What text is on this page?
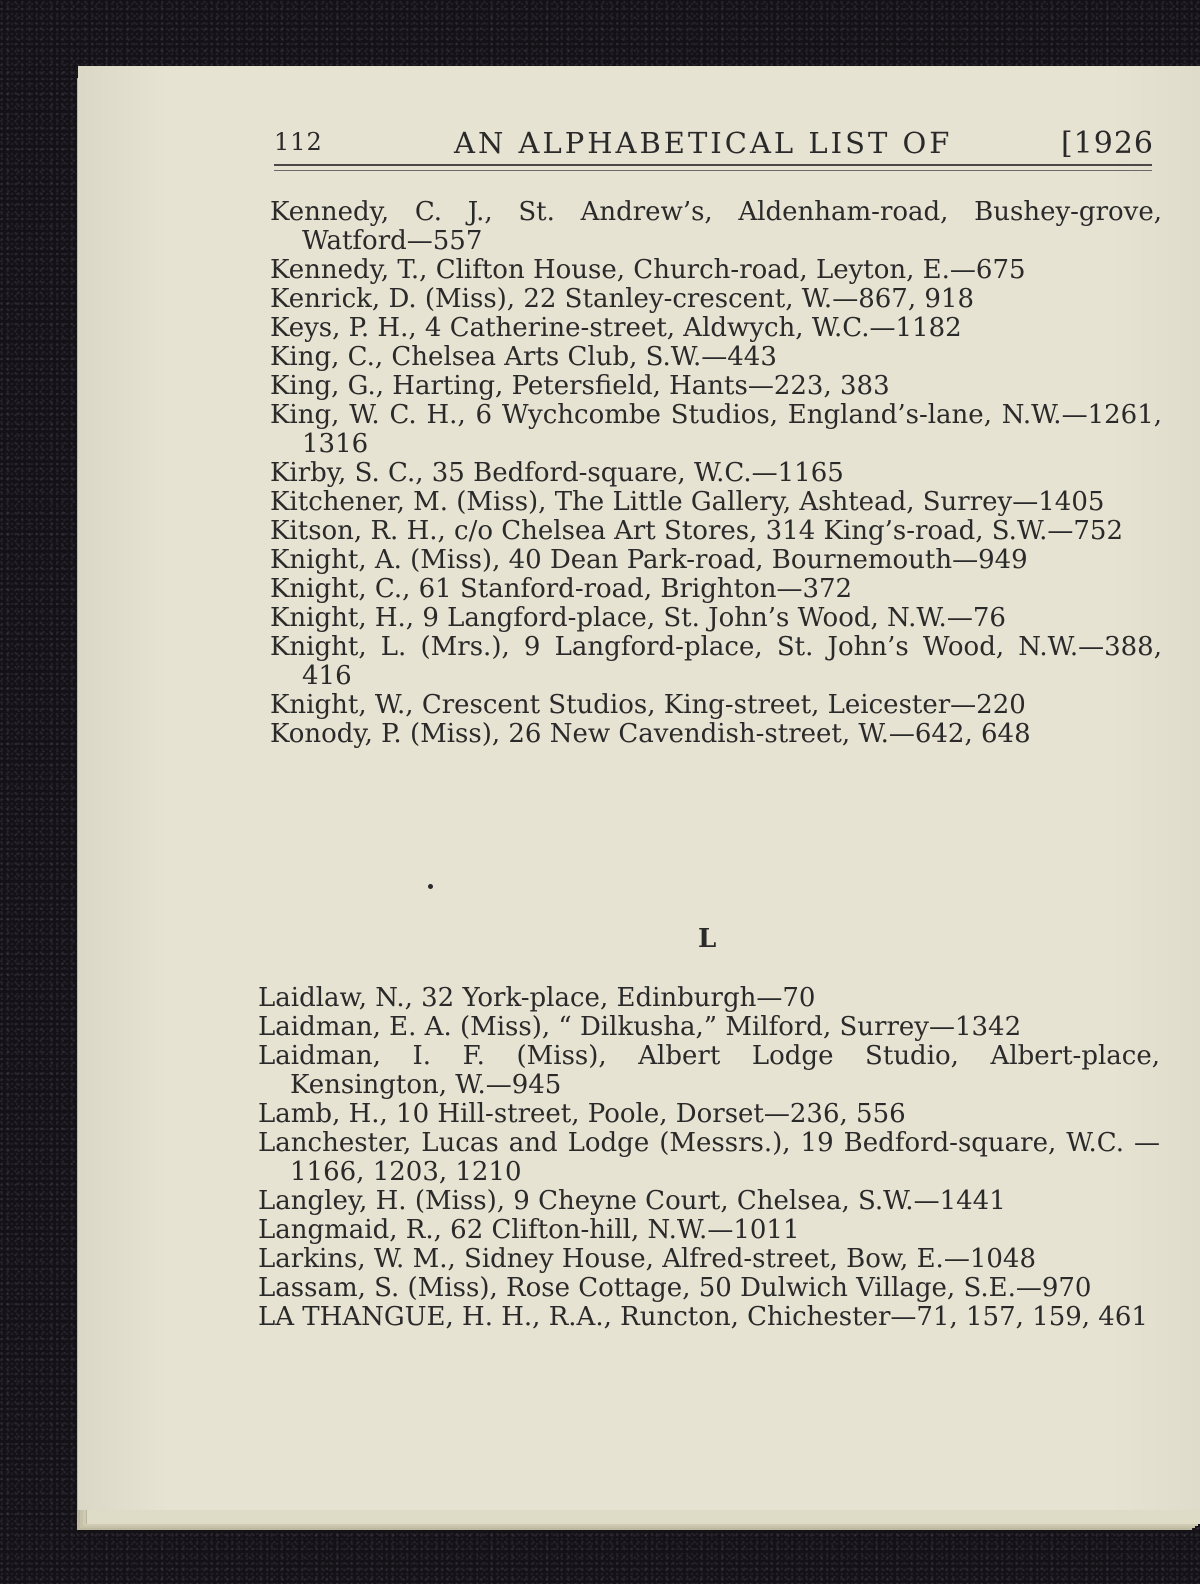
112	AN ALPHABETICAL LIST OF	[1926

Kennedy, C. J., St. Andrew’s, Aldenham-road, Bushey-grove, Watford—557

Kennedy, T., Clifton House, Church-road, Leyton, E.—675

Kenrick, D. (Miss), 22 Stanley-crescent, W.—867, 918

Keys, P. H., 4 Catherine-street, Aldwych, W.C.—1182

King, C., Chelsea Arts Club, S.W.—443

King, G., Harting, Petersfield, Hants—223, 383

King, W. C. H., 6 Wychcombe Studios, England’s-lane, N.W.—1261, 1316

Kirby, S. C., 35 Bedford-square, W.C.—1165

Kitchener, M. (Miss), The Little Gallery, Ashtead, Surrey—1405

Kitson, R. H., c/o Chelsea Art Stores, 314 King’s-road, S.W.—752

Knight, A. (Miss), 40 Dean Park-road, Bournemouth—949

Knight, C., 61 Stanford-road, Brighton—372

Knight, H., 9 Langford-place, St. John’s Wood, N.W.—76

Knight, L. (Mrs.), 9 Langford-place, St. John’s Wood, N.W.—388, 416

Knight, W., Crescent Studios, King-street, Leicester—220

Konody, P. (Miss), 26 New Cavendish-street, W.—642, 648

L

Laidlaw, N., 32 York-place, Edinburgh—70

Laidman, E. A. (Miss), “ Dilkusha,” Milford, Surrey—1342

Laidman, I. F. (Miss), Albert Lodge Studio, Albert-place, Kensington, W.—945

Lamb, H., 10 Hill-street, Poole, Dorset—236, 556

Lanchester, Lucas and Lodge (Messrs.), 19 Bedford-square, W.C. —1166, 1203, 1210

Langley, H. (Miss), 9 Cheyne Court, Chelsea, S.W.—1441

Langmaid, R., 62 Clifton-hill, N.W.—1011

Larkins, W. M., Sidney House, Alfred-street, Bow, E.—1048

Lassam, S. (Miss), Rose Cottage, 50 Dulwich Village, S.E.—970

LA THANGUE, H. H., R.A., Runcton, Chichester—71, 157, 159, 461
